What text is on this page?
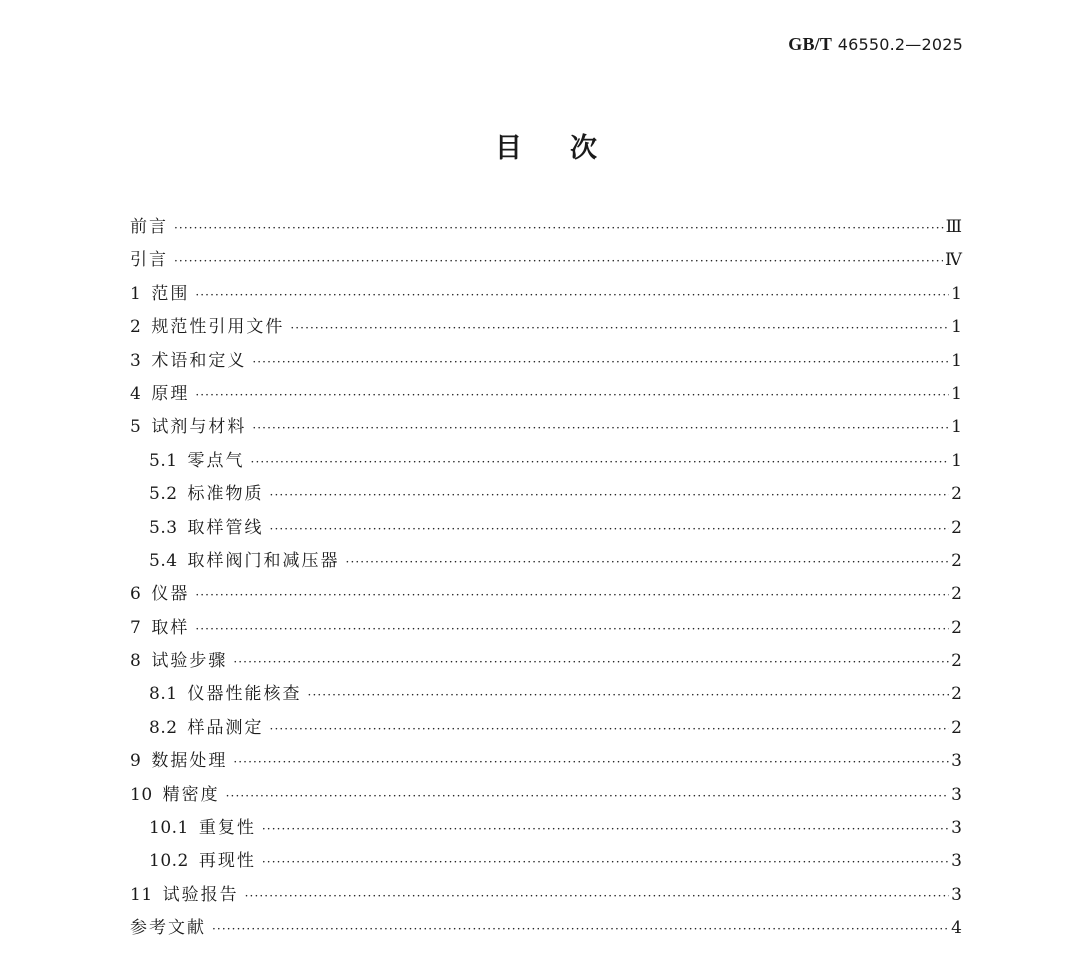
GB/T 46550.2—2025
目 次
前言 ·····	Ⅲ
引言 ·····	Ⅳ
1 范围 ·····	1
2 规范性引用文件 ·····	1
3 术语和定义 ·····	1
4 原理 ·····	1
5 试剂与材料 ·····	1
5.1 零点气 ·····	1
5.2 标准物质 ·····	2
5.3 取样管线 ·····	2
5.4 取样阀门和减压器 ·····	2
6 仪器 ·····	2
7 取样 ·····	2
8 试验步骤 ·····	2
8.1 仪器性能核查 ·····	2
8.2 样品测定 ·····	2
9 数据处理 ·····	3
10 精密度 ·····	3
10.1 重复性 ·····	3
10.2 再现性 ·····	3
11 试验报告 ·····	3
参考文献 ·····	4
